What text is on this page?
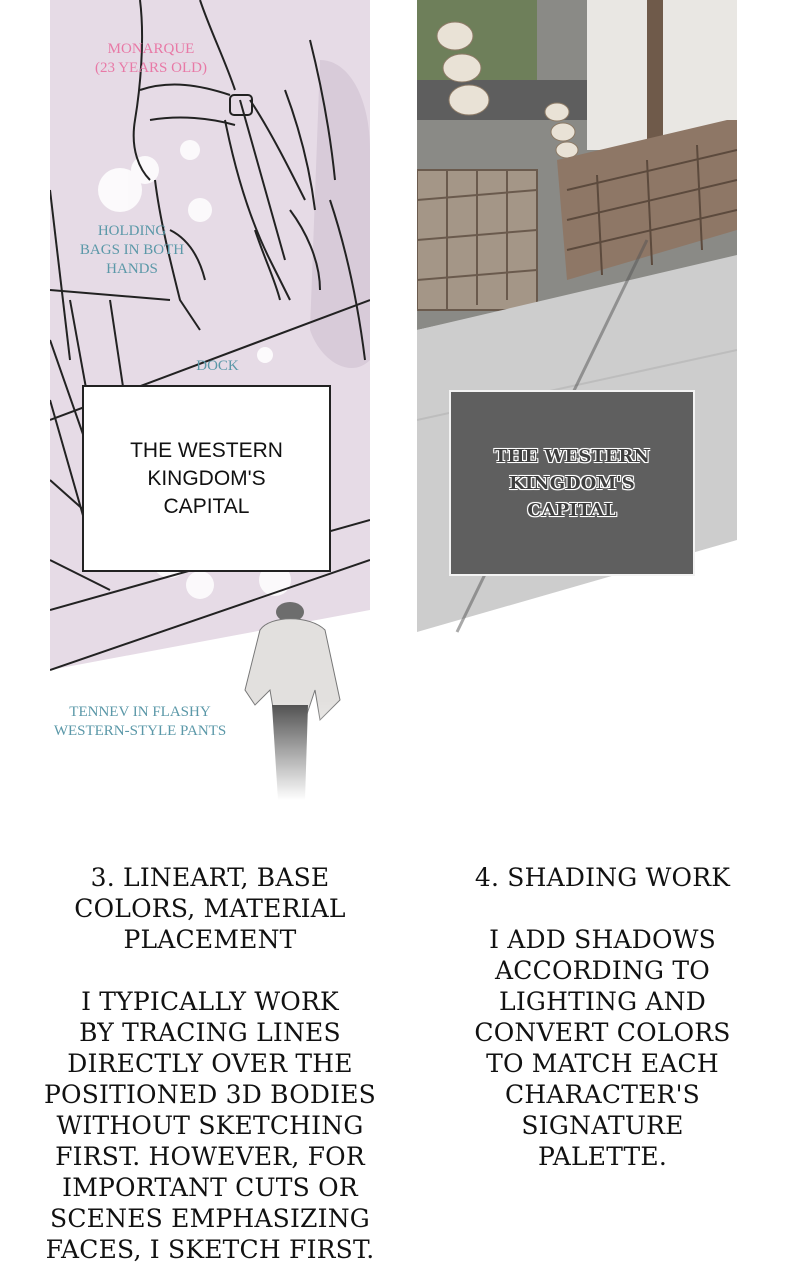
MONARQUE
(23 YEARS OLD)
HOLDING
BAGS IN BOTH
HANDS
DOCK
TENNEV IN FLASHY
WESTERN-STYLE PANTS
THE WESTERN
KINGDOM'S
CAPITAL
THE WESTERN
KINGDOM'S
CAPITAL

3. LINEART, BASE
COLORS, MATERIAL
PLACEMENT

I TYPICALLY WORK
BY TRACING LINES
DIRECTLY OVER THE
POSITIONED 3D BODIES
WITHOUT SKETCHING
FIRST. HOWEVER, FOR
IMPORTANT CUTS OR
SCENES EMPHASIZING
FACES, I SKETCH FIRST.

4. SHADING WORK

I ADD SHADOWS
ACCORDING TO
LIGHTING AND
CONVERT COLORS
TO MATCH EACH
CHARACTER'S
SIGNATURE
PALETTE.
